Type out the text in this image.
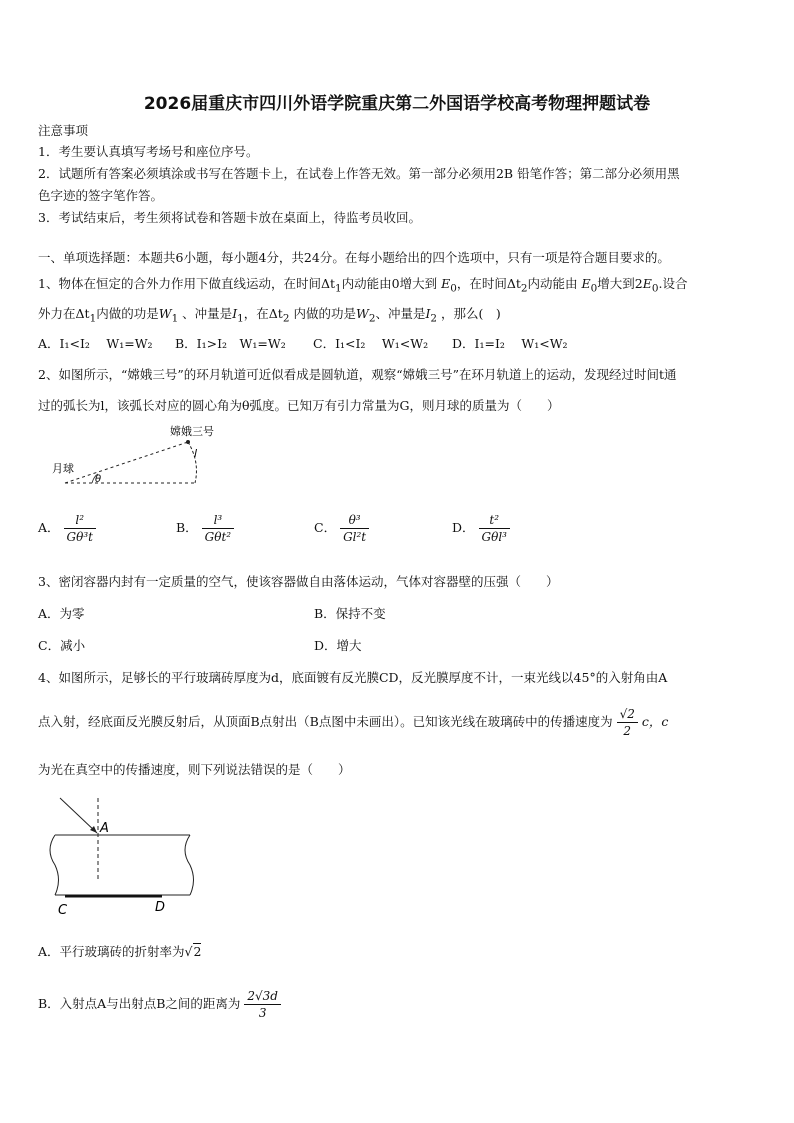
2026届重庆市四川外语学院重庆第二外国语学校高考物理押题试卷
注意事项
1．考生要认真填写考场号和座位序号。
2．试题所有答案必须填涂或书写在答题卡上，在试卷上作答无效。第一部分必须用2B 铅笔作答；第二部分必须用黑
色字迹的签字笔作答。
3．考试结束后，考生须将试卷和答题卡放在桌面上，待监考员收回。
一、单项选择题：本题共6小题，每小题4分，共24分。在每小题给出的四个选项中，只有一项是符合题目要求的。
1、物体在恒定的合外力作用下做直线运动，在时间$\Delta t_1$内动能由0增大到 $E_0$，在时间$\Delta t_2$内动能由 $E_0$增大到$2E_0$.设合
外力在$\Delta t_1$内做的功是$W_1$ 、冲量是$I_1$，在$\Delta t_2$ 内做的功是$W_2$、冲量是$I_2$ ，那么(　)
A．I₁<I₂　 W₁=W₂ B．I₁>I₂　W₁=W₂ C．I₁<I₂　 W₁<W₂ D．I₁=I₂　 W₁<W₂
2、如图所示，“嫦娥三号”的环月轨道可近似看成是圆轨道，观察“嫦娥三号”在环月轨道上的运动，发现经过时间t通
过的弧长为l，该弧长对应的圆心角为θ弧度。已知万有引力常量为G，则月球的质量为（　　）
嫦娥三号
月球
l
θ
A． $\frac{\text{l²}}{\text{Gθ³t}}$	B． $\frac{\text{l³}}{\text{Gθt²}}$	C． $\frac{\text{θ³}}{\text{Gl²t}}$	D． $\frac{\text{t²}}{\text{Gθl³}}$
3、密闭容器内封有一定质量的空气，使该容器做自由落体运动，气体对容器壁的压强（　　）
A．为零	B．保持不变
C．减小	D．增大
4、如图所示，足够长的平行玻璃砖厚度为d，底面镀有反光膜CD，反光膜厚度不计，一束光线以45°的入射角由A
点入射，经底面反光膜反射后，从顶面B点射出（B点图中未画出）。已知该光线在玻璃砖中的传播速度为 $\frac{√2}{2}$ c，c
为光在真空中的传播速度，则下列说法错误的是（　　）
A
C	D
A．平行玻璃砖的折射率为√2
B．入射点A与出射点B之间的距离为 $\frac{2√3d}{3}$
